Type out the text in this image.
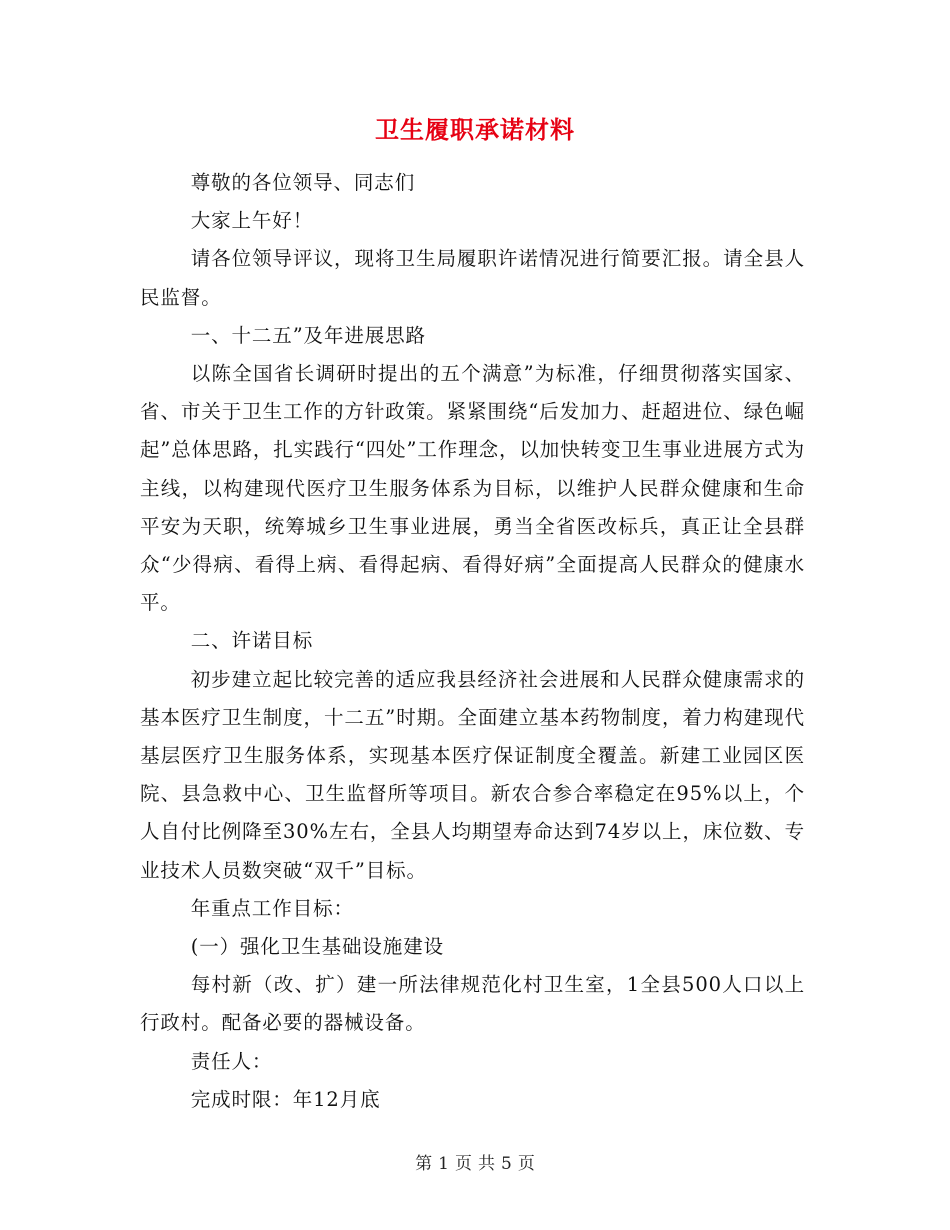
卫生履职承诺材料

尊敬的各位领导、同志们

大家上午好！

请各位领导评议，现将卫生局履职许诺情况进行简要汇报。请全县人民监督。

一、十二五”及年进展思路

以陈全国省长调研时提出的五个满意”为标准，仔细贯彻落实国家、省、市关于卫生工作的方针政策。紧紧围绕“后发加力、赶超进位、绿色崛起”总体思路，扎实践行“四处”工作理念，以加快转变卫生事业进展方式为主线，以构建现代医疗卫生服务体系为目标，以维护人民群众健康和生命平安为天职，统筹城乡卫生事业进展，勇当全省医改标兵，真正让全县群众“少得病、看得上病、看得起病、看得好病”全面提高人民群众的健康水平。

二、许诺目标

初步建立起比较完善的适应我县经济社会进展和人民群众健康需求的基本医疗卫生制度，十二五”时期。全面建立基本药物制度，着力构建现代基层医疗卫生服务体系，实现基本医疗保证制度全覆盖。新建工业园区医院、县急救中心、卫生监督所等项目。新农合参合率稳定在95%以上，个人自付比例降至30%左右，全县人均期望寿命达到74岁以上，床位数、专业技术人员数突破“双千”目标。

年重点工作目标：

(一）强化卫生基础设施建设

每村新（改、扩）建一所法律规范化村卫生室，1全县500人口以上行政村。配备必要的器械设备。

责任人：

完成时限：年12月底

第 1 页 共 5 页
